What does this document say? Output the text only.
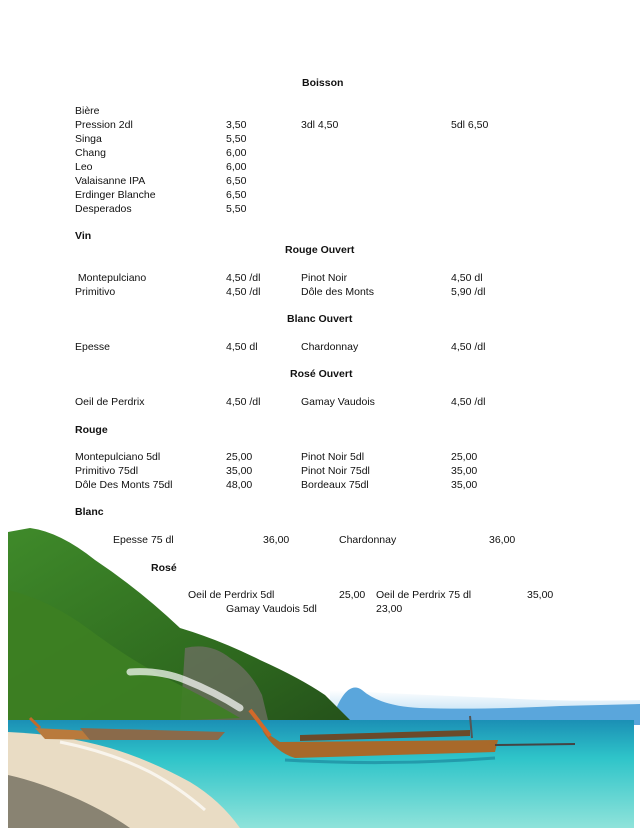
Boisson
Bière
Pression 2dl	3,50	3dl 4,50	5dl 6,50
Singa	5,50
Chang	6,00
Leo	6,00
Valaisanne IPA	6,50
Erdinger Blanche	6,50
Desperados	5,50
Vin
Rouge Ouvert
Montepulciano	4,50 /dl	Pinot Noir	4,50 dl
Primitivo	4,50 /dl	Dôle des Monts	5,90 /dl
Blanc Ouvert
Epesse	4,50 dl	Chardonnay	4,50 /dl
Rosé Ouvert
Oeil de Perdrix	4,50 /dl	Gamay Vaudois	4,50 /dl
Rouge
Montepulciano 5dl	25,00	Pinot Noir 5dl	25,00
Primitivo 75dl	35,00	Pinot Noir 75dl	35,00
Dôle Des Monts 75dl	48,00	Bordeaux 75dl	35,00
Blanc
Epesse 75 dl	36,00	Chardonnay	36,00
Rosé
Oeil de Perdrix 5dl	25,00 Oeil de Perdrix 75 dl	35,00
Gamay Vaudois 5dl	23,00
